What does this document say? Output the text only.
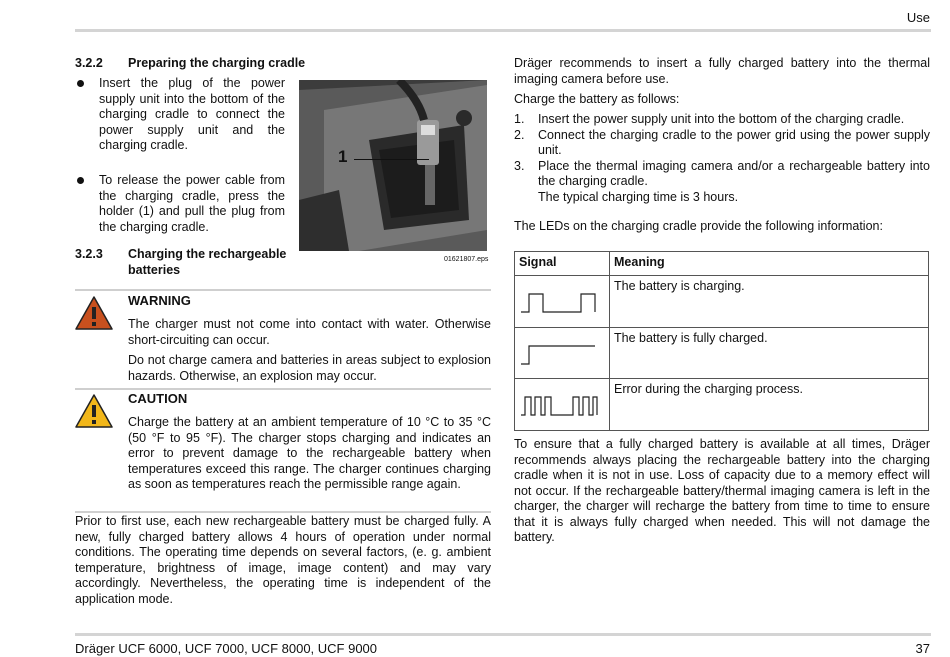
Use
3.2.2 Preparing the charging cradle
Insert the plug of the power supply unit into the bottom of the charging cradle to connect the power supply unit and the charging cradle.
To release the power cable from the charging cradle, press the holder (1) and pull the plug from the charging cradle.
1
01621807.eps
3.2.3 Charging the rechargeable batteries
WARNING
The charger must not come into contact with water. Otherwise short-circuiting can occur.
Do not charge camera and batteries in areas subject to explosion hazards. Otherwise, an explosion may occur.
CAUTION
Charge the battery at an ambient temperature of 10 °C to 35 °C (50 °F to 95 °F). The charger stops charging and indicates an error to prevent damage to the rechargeable battery when temperatures exceed this range. The charger continues charging as soon as temperatures reach the permissible range again.
Prior to first use, each new rechargeable battery must be charged fully. A new, fully charged battery allows 4 hours of operation under normal conditions. The operating time depends on several factors, (e. g. ambient temperature, brightness of image, image content) and may vary accordingly. Nevertheless, the operating time is independent of the application mode.
Dräger recommends to insert a fully charged battery into the thermal imaging camera before use.
Charge the battery as follows:
1. Insert the power supply unit into the bottom of the charging cradle.
2. Connect the charging cradle to the power grid using the power supply unit.
3. Place the thermal imaging camera and/or a rechargeable battery into the charging cradle.
The typical charging time is 3 hours.
The LEDs on the charging cradle provide the following information:
Signal	Meaning
	The battery is charging.
	The battery is fully charged.
	Error during the charging process.
To ensure that a fully charged battery is available at all times, Dräger recommends always placing the rechargeable battery into the charging cradle when it is not in use. Loss of capacity due to a memory effect will not occur. If the rechargeable battery/thermal imaging camera is left in the charger, the charger will recharge the battery from time to time to ensure that it is always fully charged when needed. This will not damage the battery.
Dräger UCF 6000, UCF 7000, UCF 8000, UCF 9000	37
